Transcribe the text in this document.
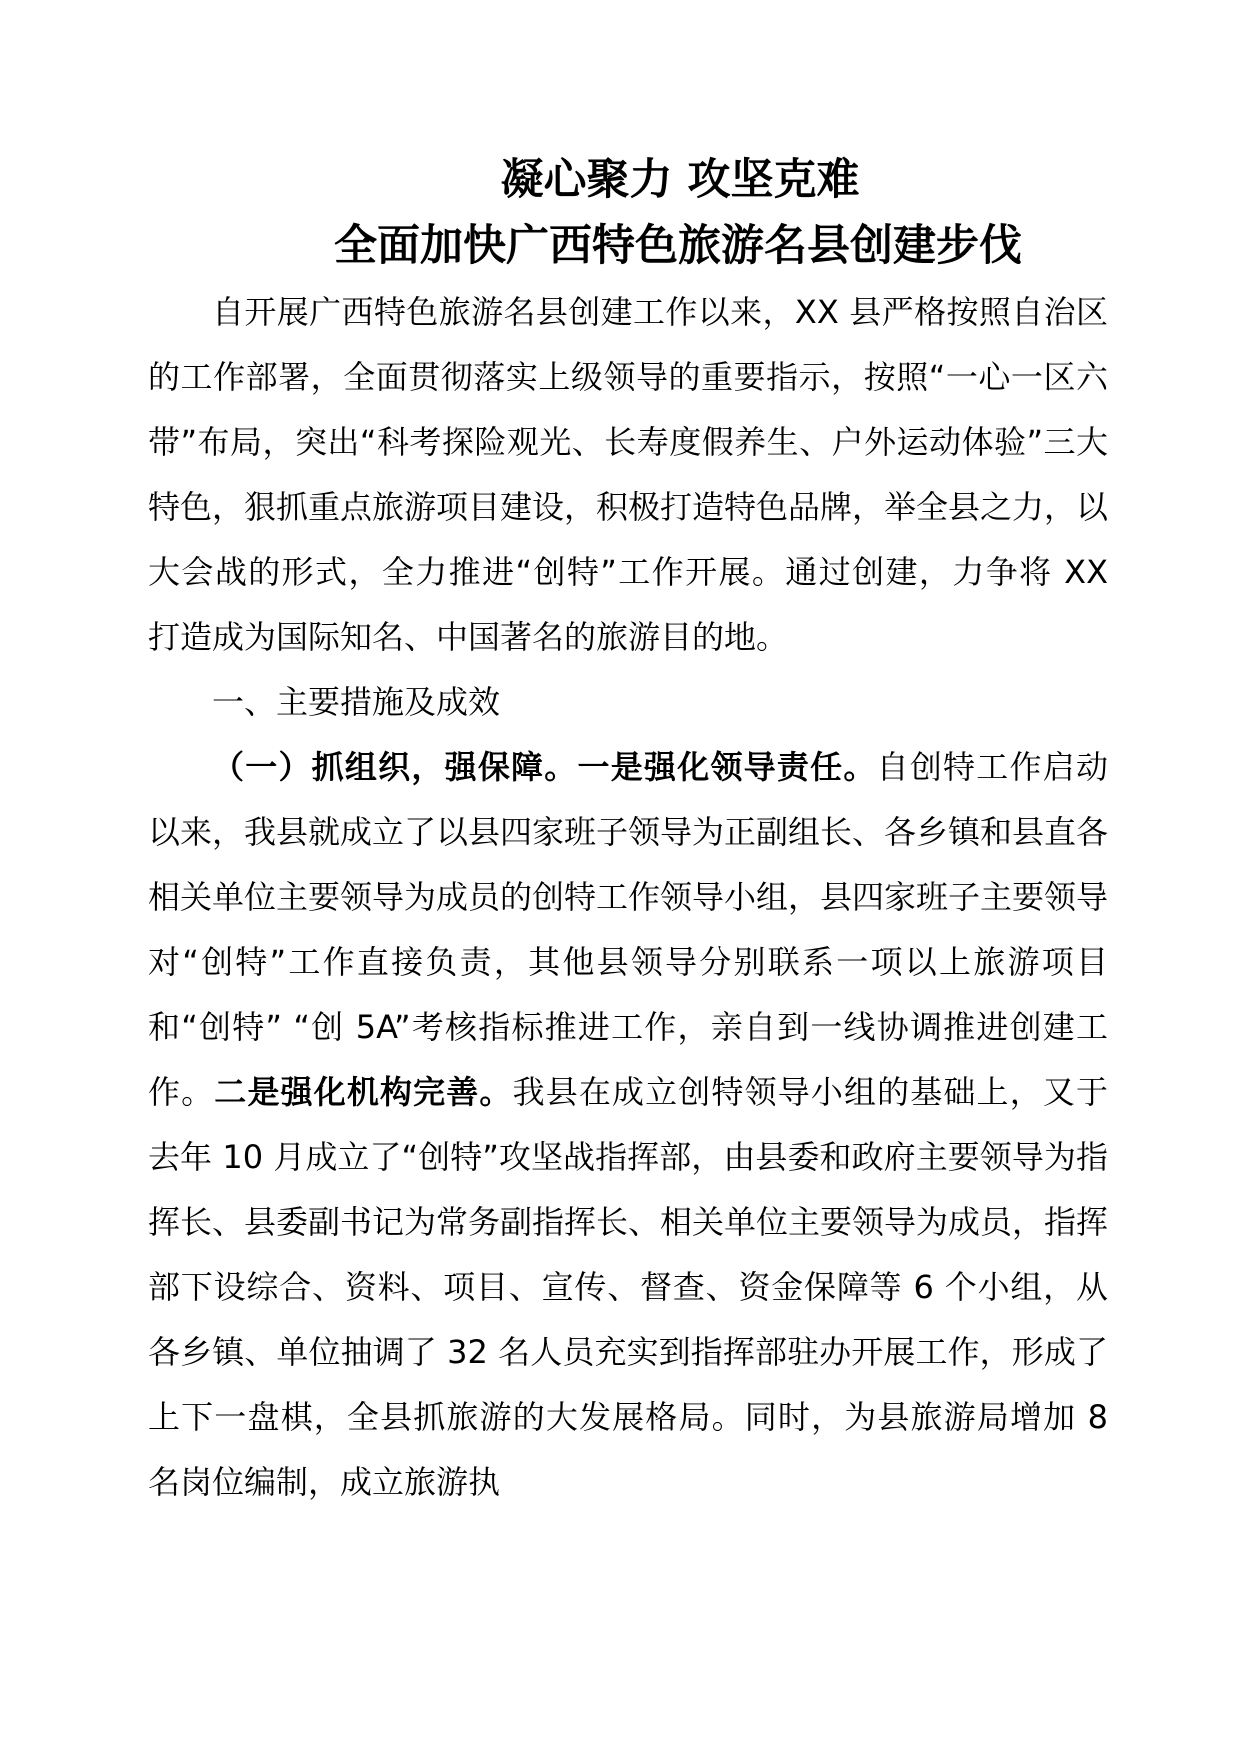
凝心聚力 攻坚克难
全面加快广西特色旅游名县创建步伐

自开展广西特色旅游名县创建工作以来，XX 县严格按照自治区的工作部署，全面贯彻落实上级领导的重要指示，按照“一心一区六带”布局，突出“科考探险观光、长寿度假养生、户外运动体验”三大特色，狠抓重点旅游项目建设，积极打造特色品牌，举全县之力，以大会战的形式，全力推进“创特”工作开展。通过创建，力争将 XX 打造成为国际知名、中国著名的旅游目的地。

一、主要措施及成效

（一）抓组织，强保障。一是强化领导责任。自创特工作启动以来，我县就成立了以县四家班子领导为正副组长、各乡镇和县直各相关单位主要领导为成员的创特工作领导小组，县四家班子主要领导对“创特”工作直接负责，其他县领导分别联系一项以上旅游项目和“创特” “创 5A”考核指标推进工作，亲自到一线协调推进创建工作。二是强化机构完善。我县在成立创特领导小组的基础上，又于去年 10 月成立了“创特”攻坚战指挥部，由县委和政府主要领导为指挥长、县委副书记为常务副指挥长、相关单位主要领导为成员，指挥部下设综合、资料、项目、宣传、督查、资金保障等 6 个小组，从各乡镇、单位抽调了 32 名人员充实到指挥部驻办开展工作，形成了上下一盘棋，全县抓旅游的大发展格局。同时，为县旅游局增加 8 名岗位编制，成立旅游执
